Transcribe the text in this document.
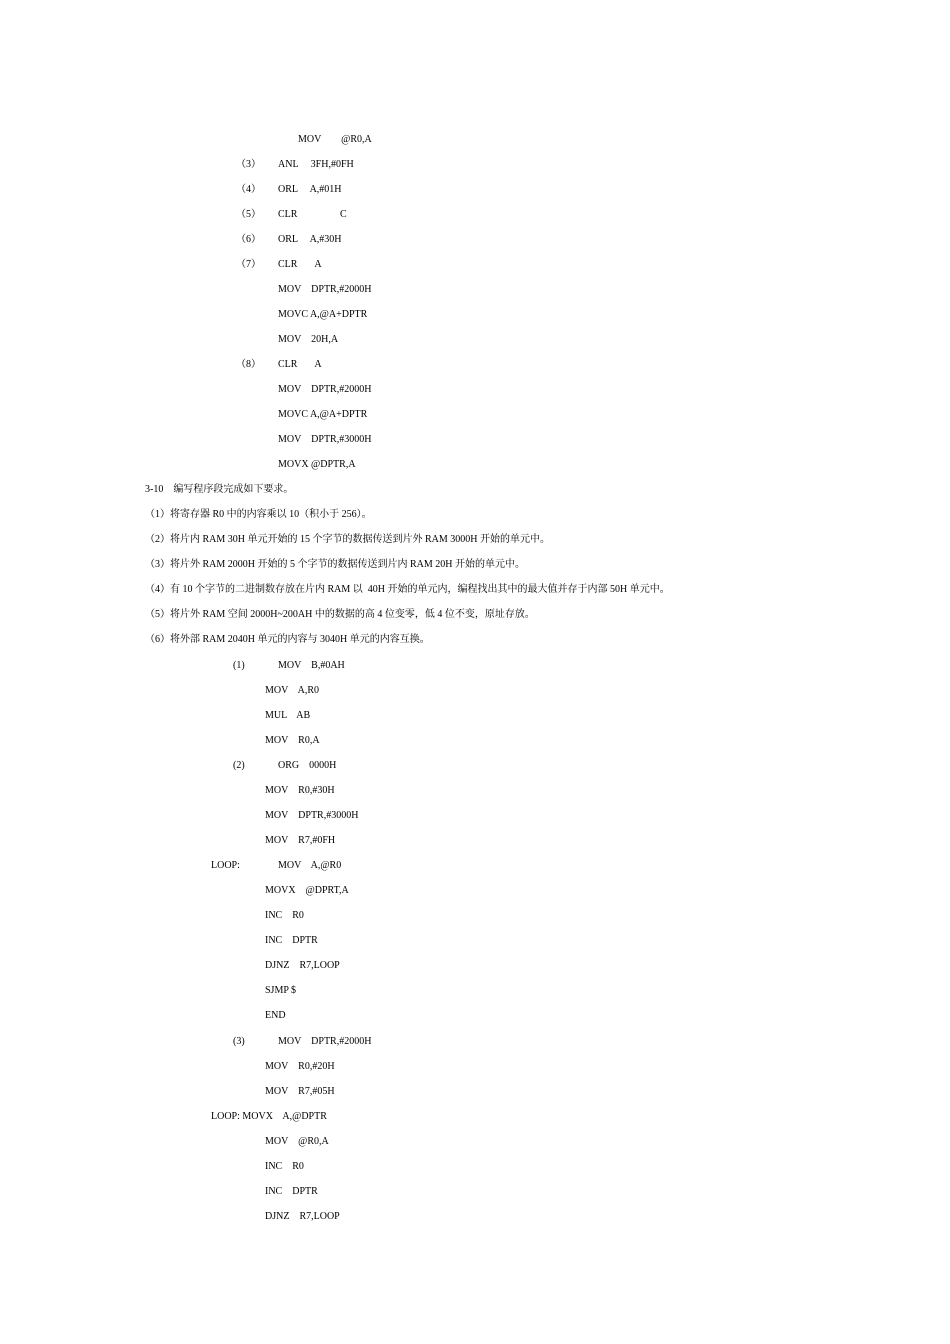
MOV        @R0,A
（3） ANL     3FH,#0FH
（4） ORL     A,#01H
（5） CLR                 C
（6） ORL     A,#30H
（7） CLR       A
MOV    DPTR,#2000H
MOVC A,@A+DPTR
MOV    20H,A
（8） CLR       A
MOV    DPTR,#2000H
MOVC A,@A+DPTR
MOV    DPTR,#3000H
MOVX @DPTR,A
3-10    编写程序段完成如下要求。
（1）将寄存器 R0 中的内容乘以 10（积小于 256）。
（2）将片内 RAM 30H 单元开始的 15 个字节的数据传送到片外 RAM 3000H 开始的单元中。
（3）将片外 RAM 2000H 开始的 5 个字节的数据传送到片内 RAM 20H 开始的单元中。
（4）有 10 个字节的二进制数存放在片内 RAM 以  40H 开始的单元内，编程找出其中的最大值并存于内部 50H 单元中。
（5）将片外 RAM 空间 2000H~200AH 中的数据的高 4 位变零，低 4 位不变，原址存放。
（6）将外部 RAM 2040H 单元的内容与 3040H 单元的内容互换。
(1)	MOV    B,#0AH
MOV    A,R0
MUL    AB
MOV    R0,A
(2)	ORG    0000H
MOV    R0,#30H
MOV    DPTR,#3000H
MOV    R7,#0FH
LOOP:	MOV    A,@R0
MOVX    @DPRT,A
INC    R0
INC    DPTR
DJNZ    R7,LOOP
SJMP $
END
(3)	MOV    DPTR,#2000H
MOV    R0,#20H
MOV    R7,#05H
LOOP: MOVX    A,@DPTR
MOV    @R0,A
INC    R0
INC    DPTR
DJNZ    R7,LOOP
